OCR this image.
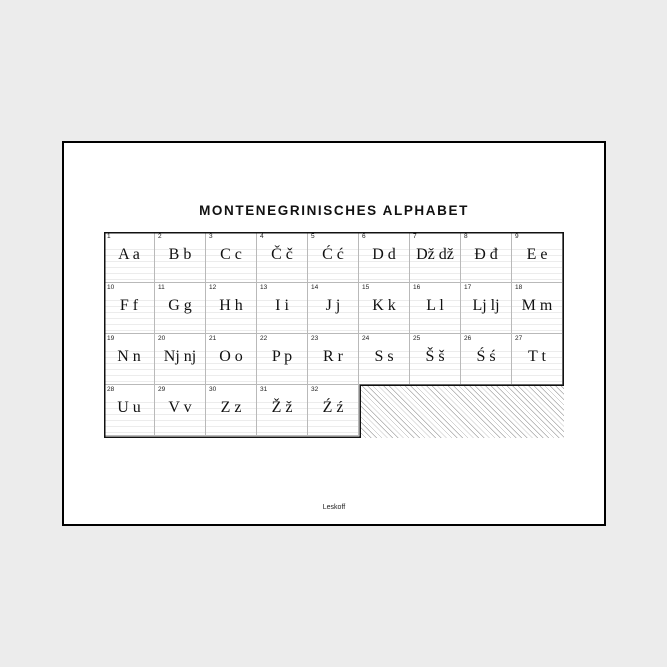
MONTENEGRINISCHES ALPHABET
1
A a
2
B b
3
C c
4
Č č
5
Ć ć
6
D d
7
Dž dž
8
Đ đ
9
E e
10
F f
11
G g
12
H h
13
I i
14
J j
15
K k
16
L l
17
Lj lj
18
M m
19
N n
20
Nj nj
21
O o
22
P p
23
R r
24
S s
25
Š š
26
Ś ś
27
T t
28
U u
29
V v
30
Z z
31
Ž ž
32
Ź ź
Leskoff
